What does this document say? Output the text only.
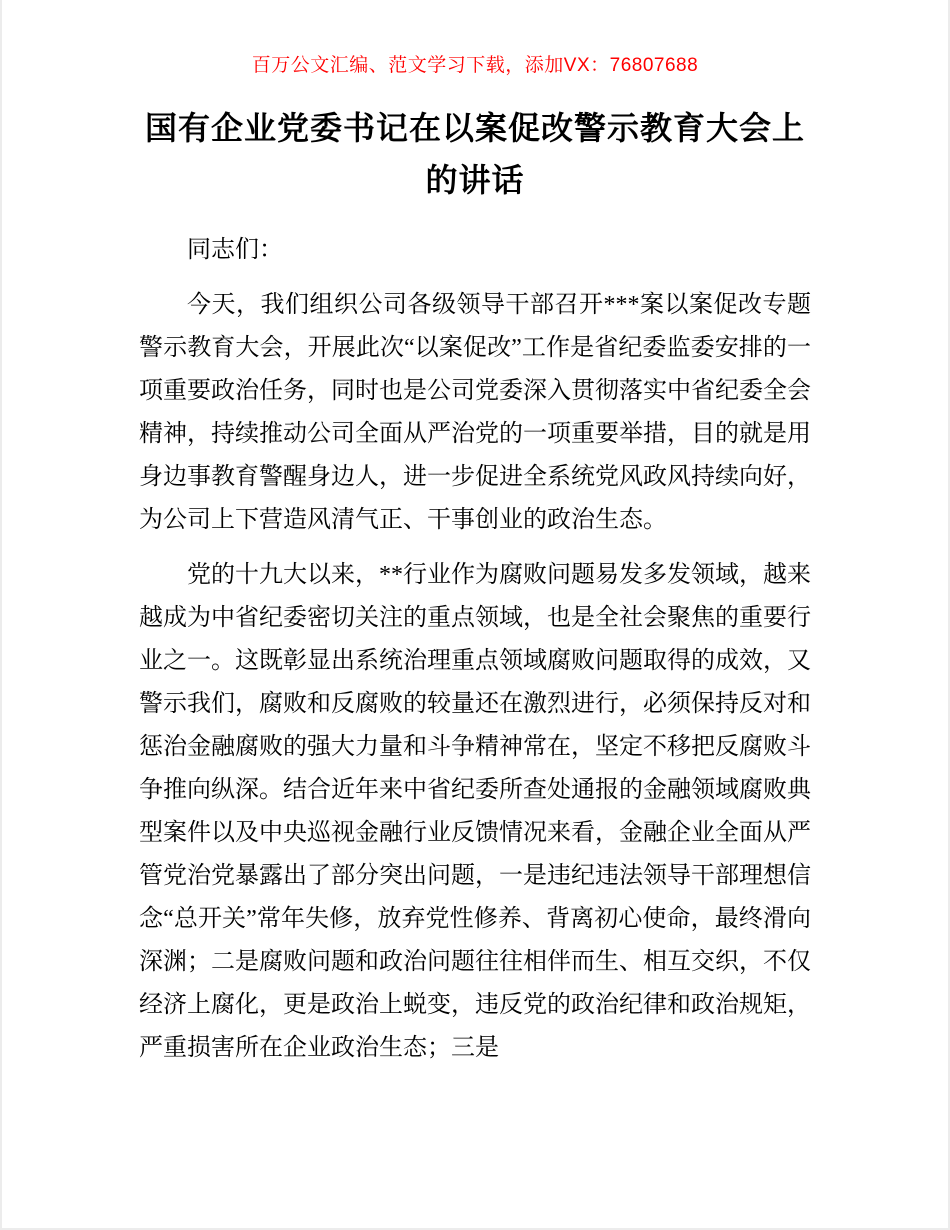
百万公文汇编、范文学习下载，添加VX：76807688
国有企业党委书记在以案促改警示教育大会上的讲话

同志们：

今天，我们组织公司各级领导干部召开***案以案促改专题警示教育大会，开展此次“以案促改”工作是省纪委监委安排的一项重要政治任务，同时也是公司党委深入贯彻落实中省纪委全会精神，持续推动公司全面从严治党的一项重要举措，目的就是用身边事教育警醒身边人，进一步促进全系统党风政风持续向好，为公司上下营造风清气正、干事创业的政治生态。

党的十九大以来，**行业作为腐败问题易发多发领域，越来越成为中省纪委密切关注的重点领域，也是全社会聚焦的重要行业之一。这既彰显出系统治理重点领域腐败问题取得的成效，又警示我们，腐败和反腐败的较量还在激烈进行，必须保持反对和惩治金融腐败的强大力量和斗争精神常在，坚定不移把反腐败斗争推向纵深。结合近年来中省纪委所查处通报的金融领域腐败典型案件以及中央巡视金融行业反馈情况来看，金融企业全面从严管党治党暴露出了部分突出问题，一是违纪违法领导干部理想信念“总开关”常年失修，放弃党性修养、背离初心使命，最终滑向深渊；二是腐败问题和政治问题往往相伴而生、相互交织，不仅经济上腐化，更是政治上蜕变，违反党的政治纪律和政治规矩，严重损害所在企业政治生态；三是
